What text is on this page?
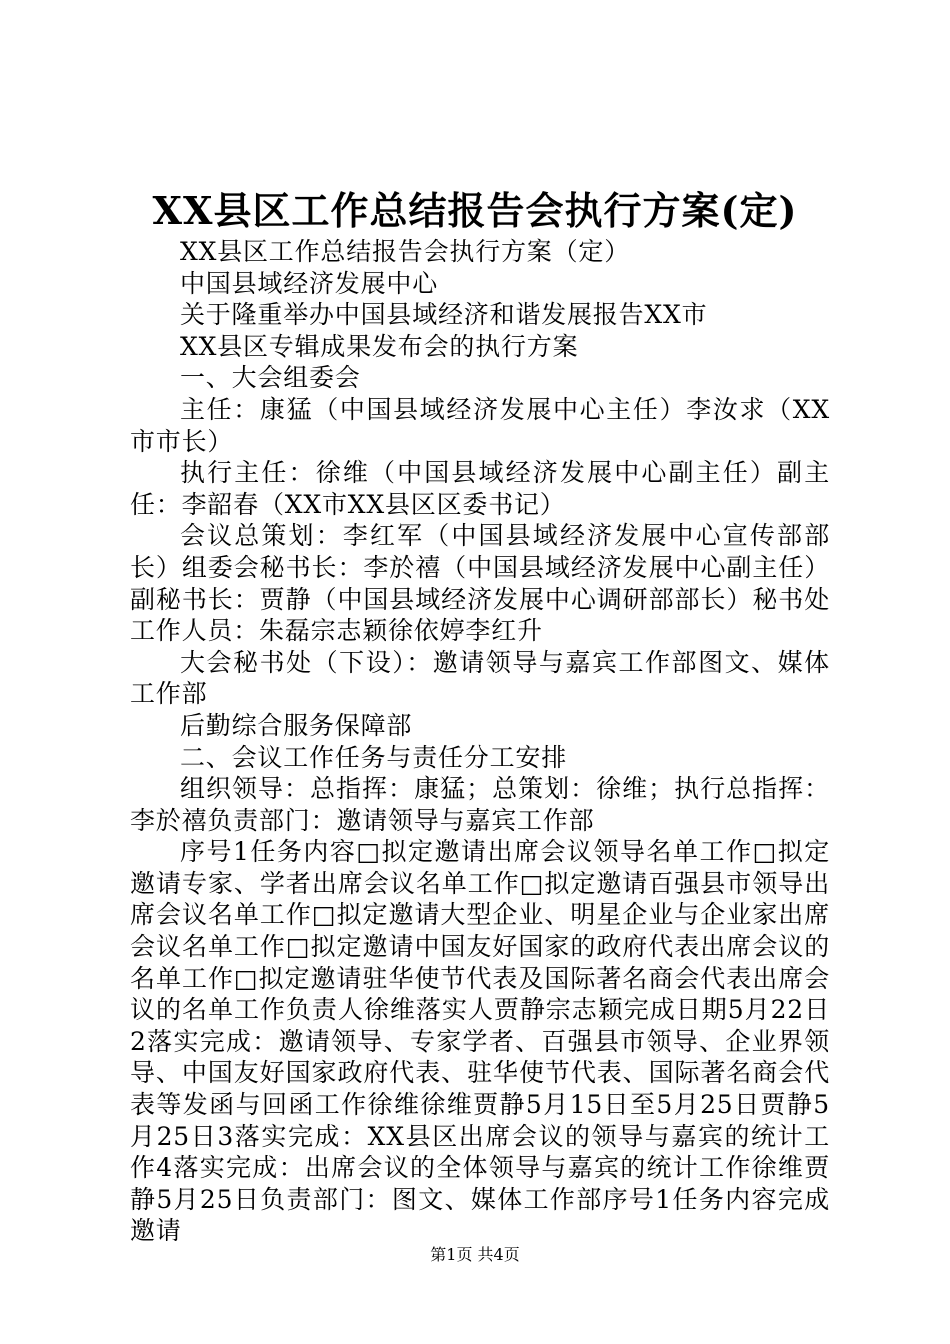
XX县区工作总结报告会执行方案(定)

XX县区工作总结报告会执行方案（定）

中国县域经济发展中心

关于隆重举办中国县域经济和谐发展报告XX市

XX县区专辑成果发布会的执行方案

一、大会组委会

主任：康猛（中国县域经济发展中心主任）李汝求（XX市市长）

执行主任：徐维（中国县域经济发展中心副主任）副主任：李韶春（XX市XX县区区委书记）

会议总策划：李红军（中国县域经济发展中心宣传部部长）组委会秘书长：李於禧（中国县域经济发展中心副主任）副秘书长：贾静（中国县域经济发展中心调研部部长）秘书处工作人员：朱磊宗志颖徐依婷李红升

大会秘书处（下设）：邀请领导与嘉宾工作部图文、媒体工作部

后勤综合服务保障部

二、会议工作任务与责任分工安排

组织领导：总指挥：康猛；总策划：徐维；执行总指挥：李於禧负责部门：邀请领导与嘉宾工作部

序号1任务内容□拟定邀请出席会议领导名单工作□拟定邀请专家、学者出席会议名单工作□拟定邀请百强县市领导出席会议名单工作□拟定邀请大型企业、明星企业与企业家出席会议名单工作□拟定邀请中国友好国家的政府代表出席会议的名单工作□拟定邀请驻华使节代表及国际著名商会代表出席会议的名单工作负责人徐维落实人贾静宗志颖完成日期5月22日2落实完成：邀请领导、专家学者、百强县市领导、企业界领导、中国友好国家政府代表、驻华使节代表、国际著名商会代表等发函与回函工作徐维徐维贾静5月15日至5月25日贾静5月25日3落实完成：XX县区出席会议的领导与嘉宾的统计工作4落实完成：出席会议的全体领导与嘉宾的统计工作徐维贾静5月25日负责部门：图文、媒体工作部序号1任务内容完成邀请

第1页 共4页
